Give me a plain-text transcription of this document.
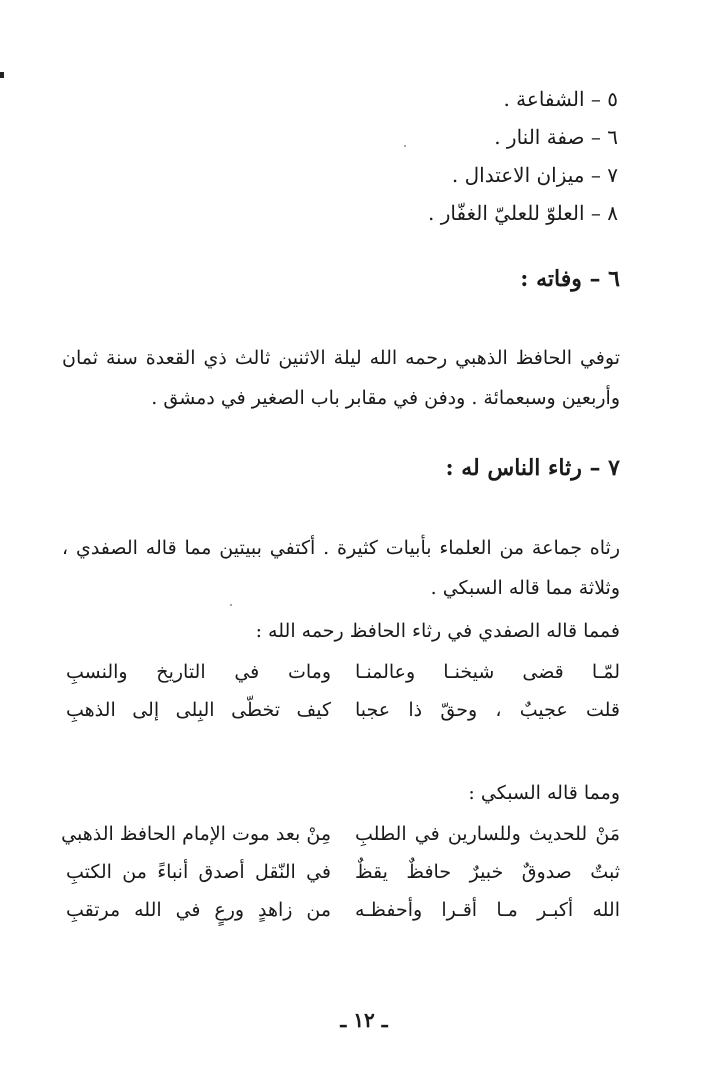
٥ – الشفاعة .
٦ – صفة النار .
٧ – ميزان الاعتدال .
٨ – العلوّ للعليّ الغفّار .
٦ – وفاته :
توفي الحافظ الذهبي رحمه الله ليلة الاثنين ثالث ذي القعدة سنة ثمان وأربعين وسبعمائة . ودفن في مقابر باب الصغير في دمشق .
٧ – رثاء الناس له :
رثاه جماعة من العلماء بأبيات كثيرة . أكتفي ببيتين مما قاله الصفدي ، وثلاثة مما قاله السبكي .
فمما قاله الصفدي في رثاء الحافظ رحمه الله :
لمّـا قضى شيخنـا وعالمنـا
ومات في التاريخ والنسبِ
قلت عجيبٌ ، وحقّ ذا عجبا
كيف تخطّى البِلى إلى الذهبِ
ومما قاله السبكي :
مَنْ للحديث وللسارين في الطلبِ
مِنْ بعد موت الإمام الحافظ الذهبي
ثبتٌ صدوقٌ خبيرٌ حافظٌ يقظٌ
في النّقل أصدق أنباءً من الكتبِ
الله أكبـر مـا أقـرا وأحفظـه
من زاهدٍ ورعٍ في الله مرتقبِ
ـ ١٢ ـ
